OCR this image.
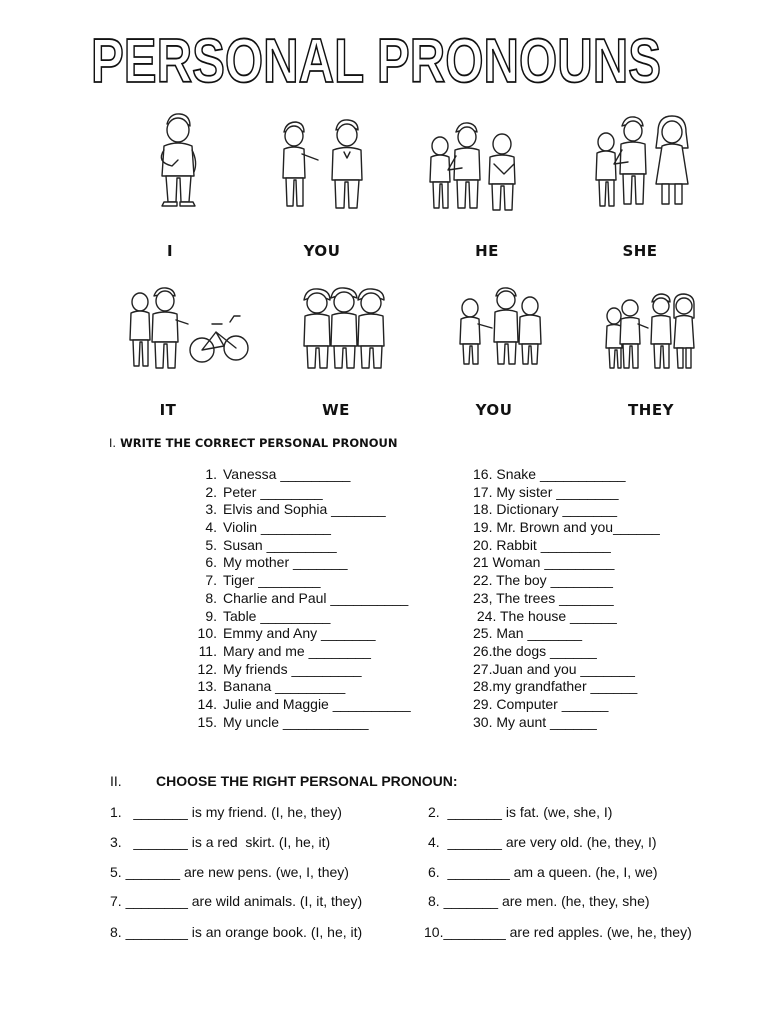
PERSONAL PRONOUNS
I	YOU	HE	SHE
IT	WE	YOU	THEY
I. WRITE THE CORRECT PERSONAL PRONOUN
1. Vanessa _________
2. Peter ________
3. Elvis and Sophia _______
4. Violin _________
5. Susan _________
6. My mother _______
7. Tiger ________
8. Charlie and Paul __________
9. Table _________
10. Emmy and Any _______
11. Mary and me ________
12. My friends _________
13. Banana _________
14. Julie and Maggie __________
15. My uncle ___________
16. Snake ___________
17. My sister ________
18. Dictionary _______
19. Mr. Brown and you______
20. Rabbit _________
21 Woman _________
22. The boy ________
23, The trees _______
24. The house ______
25. Man _______
26.the dogs ______
27.Juan and you _______
28.my grandfather ______
29. Computer ______
30. My aunt ______
II. CHOOSE THE RIGHT PERSONAL PRONOUN:
1.   _______ is my friend. (I, he, they)	2.  _______ is fat. (we, she, I)
3.   _______ is a red  skirt. (I, he, it)	4.  _______ are very old. (he, they, I)
5. _______ are new pens. (we, I, they)	6.  ________ am a queen. (he, I, we)
7. ________ are wild animals. (I, it, they)	8. _______ are men. (he, they, she)
8. ________ is an orange book. (I, he, it)	10.________ are red apples. (we, he, they)
